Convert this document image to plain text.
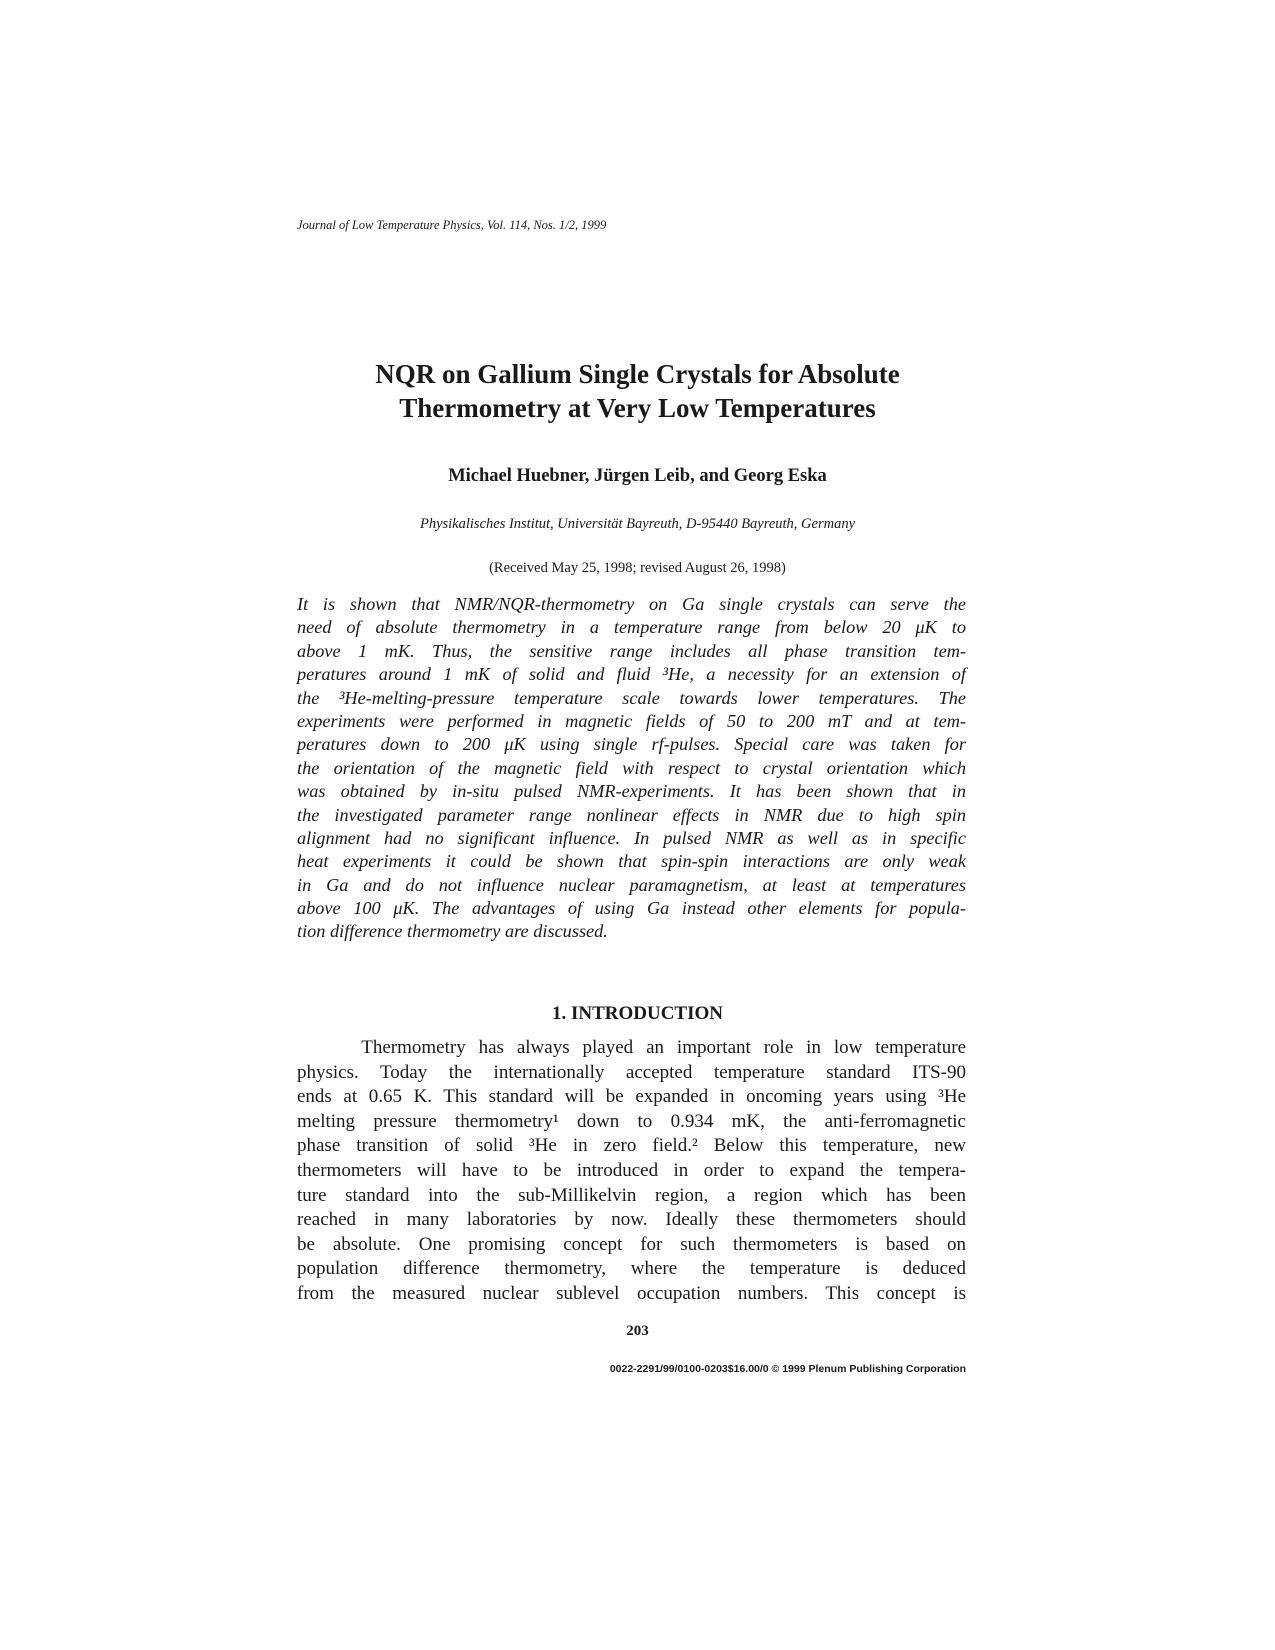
Journal of Low Temperature Physics, Vol. 114, Nos. 1/2, 1999
NQR on Gallium Single Crystals for Absolute
Thermometry at Very Low Temperatures
Michael Huebner, Jürgen Leib, and Georg Eska
Physikalisches Institut, Universität Bayreuth, D-95440 Bayreuth, Germany
(Received May 25, 1998; revised August 26, 1998)
It is shown that NMR/NQR-thermometry on Ga single crystals can serve the
need of absolute thermometry in a temperature range from below 20 μK to
above 1 mK. Thus, the sensitive range includes all phase transition tem-
peratures around 1 mK of solid and fluid ³He, a necessity for an extension of
the ³He-melting-pressure temperature scale towards lower temperatures. The
experiments were performed in magnetic fields of 50 to 200 mT and at tem-
peratures down to 200 μK using single rf-pulses. Special care was taken for
the orientation of the magnetic field with respect to crystal orientation which
was obtained by in-situ pulsed NMR-experiments. It has been shown that in
the investigated parameter range nonlinear effects in NMR due to high spin
alignment had no significant influence. In pulsed NMR as well as in specific
heat experiments it could be shown that spin-spin interactions are only weak
in Ga and do not influence nuclear paramagnetism, at least at temperatures
above 100 μK. The advantages of using Ga instead other elements for popula-
tion difference thermometry are discussed.
1. INTRODUCTION
Thermometry has always played an important role in low temperature
physics. Today the internationally accepted temperature standard ITS-90
ends at 0.65 K. This standard will be expanded in oncoming years using ³He
melting pressure thermometry¹ down to 0.934 mK, the anti-ferromagnetic
phase transition of solid ³He in zero field.² Below this temperature, new
thermometers will have to be introduced in order to expand the tempera-
ture standard into the sub-Millikelvin region, a region which has been
reached in many laboratories by now. Ideally these thermometers should
be absolute. One promising concept for such thermometers is based on
population difference thermometry, where the temperature is deduced
from the measured nuclear sublevel occupation numbers. This concept is
203
0022-2291/99/0100-0203$16.00/0 © 1999 Plenum Publishing Corporation
